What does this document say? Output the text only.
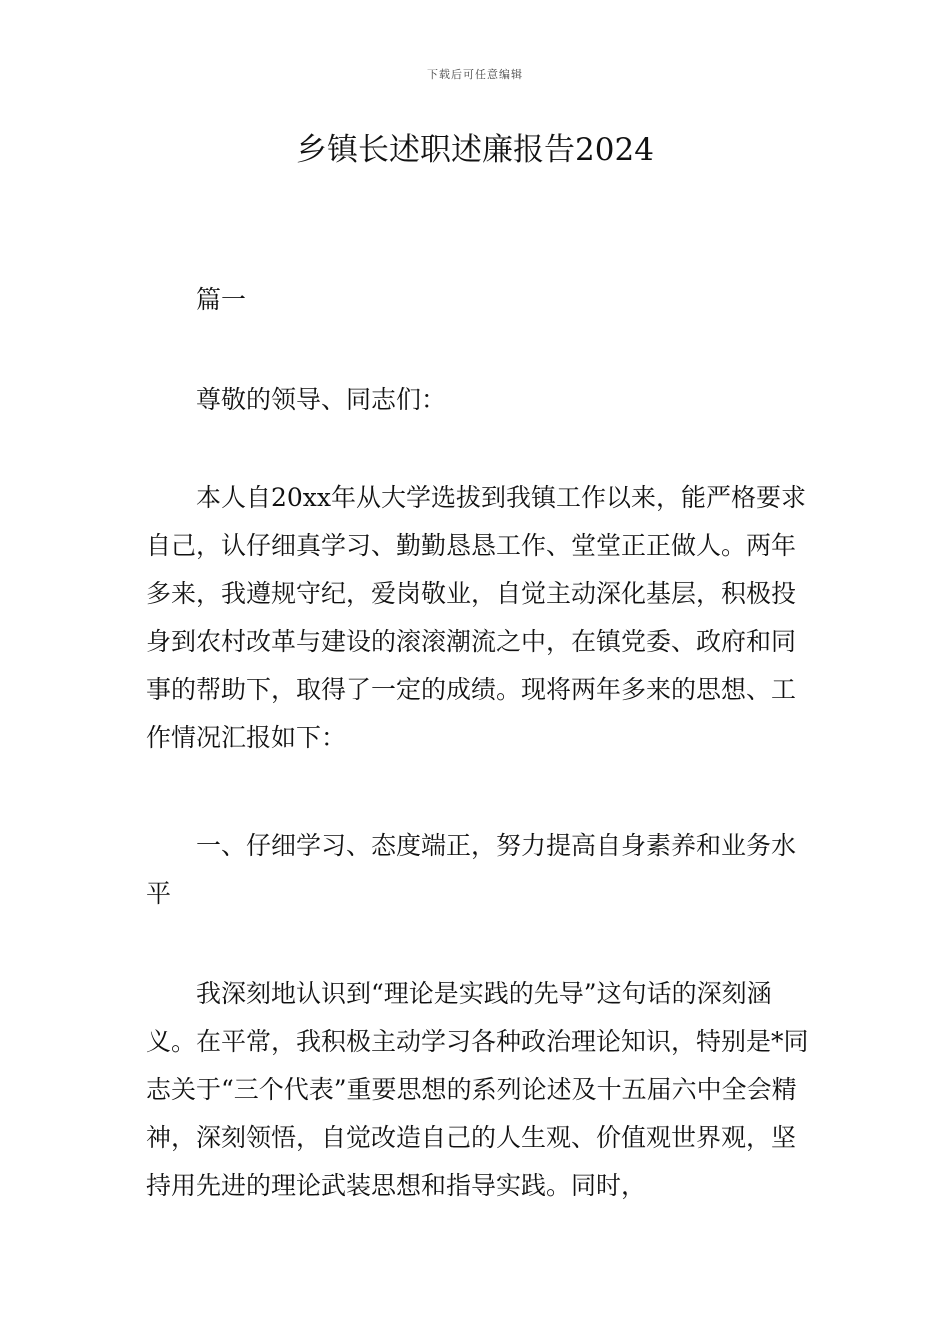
下载后可任意编辑
乡镇长述职述廉报告2024

篇一

尊敬的领导、同志们：

本人自20xx年从大学选拔到我镇工作以来，能严格要求自己，认仔细真学习、勤勤恳恳工作、堂堂正正做人。两年多来，我遵规守纪，爱岗敬业，自觉主动深化基层，积极投身到农村改革与建设的滚滚潮流之中，在镇党委、政府和同事的帮助下，取得了一定的成绩。现将两年多来的思想、工作情况汇报如下：

一、仔细学习、态度端正，努力提高自身素养和业务水平

我深刻地认识到“理论是实践的先导”这句话的深刻涵义。在平常，我积极主动学习各种政治理论知识，特别是*同志关于“三个代表”重要思想的系列论述及十五届六中全会精神，深刻领悟，自觉改造自己的人生观、价值观世界观，坚持用先进的理论武装思想和指导实践。同时，
